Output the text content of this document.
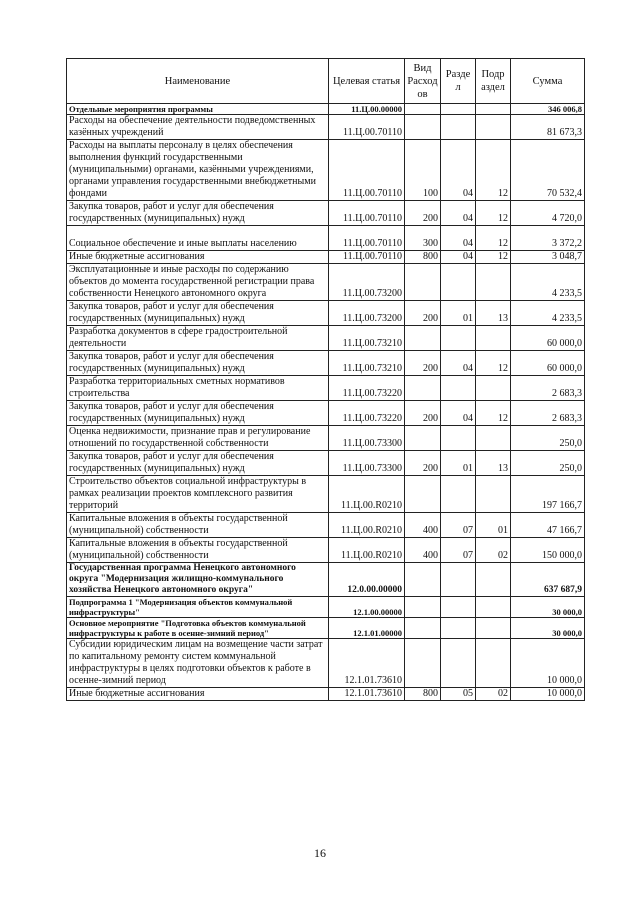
Наименование	Целевая статья	Вид Расход ов	Разде л	Подр аздел	Сумма
Отдельные мероприятия программы	11.Ц.00.00000				346 006,8
Расходы на обеспечение деятельности подведомственных казённых учреждений	11.Ц.00.70110				81 673,3
Расходы на выплаты персоналу в целях обеспечения выполнения функций государственными (муниципальными) органами, казёнными учреждениями, органами управления государственными внебюджетными фондами	11.Ц.00.70110	100	04	12	70 532,4
Закупка товаров, работ и услуг для обеспечения государственных (муниципальных) нужд	11.Ц.00.70110	200	04	12	4 720,0
Социальное обеспечение и иные выплаты населению	11.Ц.00.70110	300	04	12	3 372,2
Иные бюджетные ассигнования	11.Ц.00.70110	800	04	12	3 048,7
Эксплуатационные и иные расходы по содержанию объектов до момента государственной регистрации права собственности Ненецкого автономного округа	11.Ц.00.73200				4 233,5
Закупка товаров, работ и услуг для обеспечения государственных (муниципальных) нужд	11.Ц.00.73200	200	01	13	4 233,5
Разработка документов в сфере градостроительной деятельности	11.Ц.00.73210				60 000,0
Закупка товаров, работ и услуг для обеспечения государственных (муниципальных) нужд	11.Ц.00.73210	200	04	12	60 000,0
Разработка территориальных сметных нормативов строительства	11.Ц.00.73220				2 683,3
Закупка товаров, работ и услуг для обеспечения государственных (муниципальных) нужд	11.Ц.00.73220	200	04	12	2 683,3
Оценка недвижимости, признание прав и регулирование отношений по государственной собственности	11.Ц.00.73300				250,0
Закупка товаров, работ и услуг для обеспечения государственных (муниципальных) нужд	11.Ц.00.73300	200	01	13	250,0
Строительство объектов социальной инфраструктуры в рамках реализации проектов комплексного развития территорий	11.Ц.00.R0210				197 166,7
Капитальные вложения в объекты государственной (муниципальной) собственности	11.Ц.00.R0210	400	07	01	47 166,7
Капитальные вложения в объекты государственной (муниципальной) собственности	11.Ц.00.R0210	400	07	02	150 000,0
Государственная программа Ненецкого автономного округа "Модернизация жилищно-коммунального хозяйства Ненецкого автономного округа"	12.0.00.00000				637 687,9
Подпрограмма 1 "Модернизация объектов коммунальной инфраструктуры"	12.1.00.00000				30 000,0
Основное мероприятие "Подготовка объектов коммунальной инфраструктуры к работе в осенне-зимний период"	12.1.01.00000				30 000,0
Субсидии юридическим лицам на возмещение части затрат по капитальному ремонту систем коммунальной инфраструктуры в целях подготовки объектов к работе в осенне-зимний период	12.1.01.73610				10 000,0
Иные бюджетные ассигнования	12.1.01.73610	800	05	02	10 000,0
16
